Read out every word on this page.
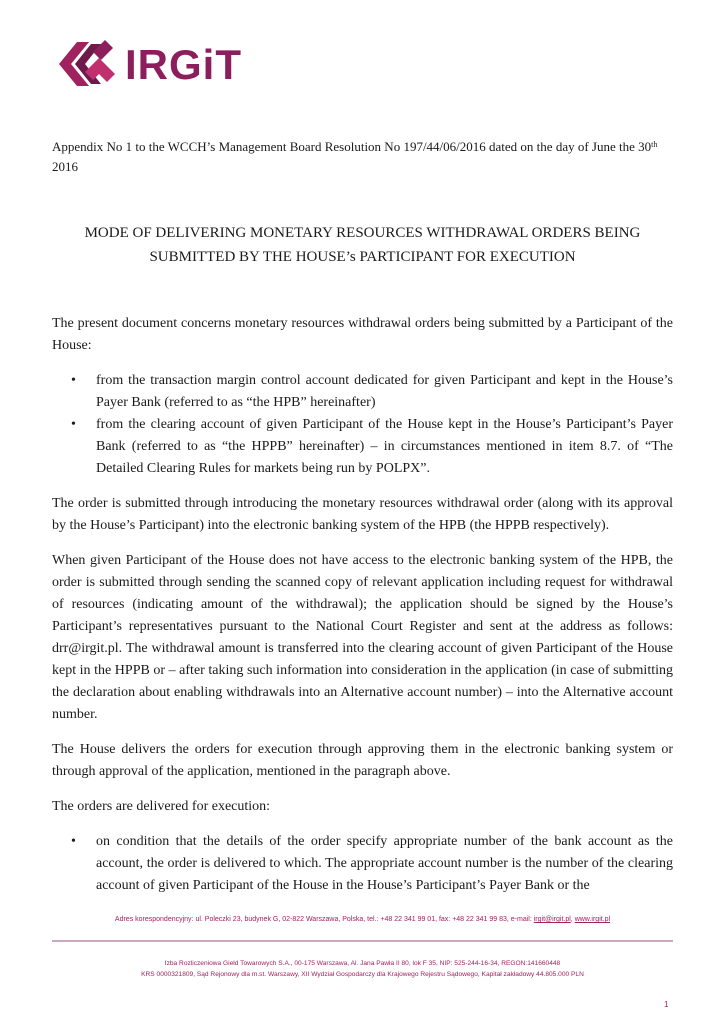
IRGiT
Appendix No 1 to the WCCH’s Management Board Resolution No 197/44/06/2016 dated on the day of June the 30th
2016
MODE OF DELIVERING MONETARY RESOURCES WITHDRAWAL ORDERS BEING
SUBMITTED BY THE HOUSE’s PARTICIPANT FOR EXECUTION

The present document concerns monetary resources withdrawal orders being submitted by a Participant of the House:

• from the transaction margin control account dedicated for given Participant and kept in the House’s Payer Bank (referred to as “the HPB” hereinafter)
• from the clearing account of given Participant of the House kept in the House’s Participant’s Payer Bank (referred to as “the HPPB” hereinafter) – in circumstances mentioned in item 8.7. of “The Detailed Clearing Rules for markets being run by POLPX”.

The order is submitted through introducing the monetary resources withdrawal order (along with its approval by the House’s Participant) into the electronic banking system of the HPB (the HPPB respectively).

When given Participant of the House does not have access to the electronic banking system of the HPB, the order is submitted through sending the scanned copy of relevant application including request for withdrawal of resources (indicating amount of the withdrawal); the application should be signed by the House’s Participant’s representatives pursuant to the National Court Register and sent at the address as follows: drr@irgit.pl. The withdrawal amount is transferred into the clearing account of given Participant of the House kept in the HPPB or – after taking such information into consideration in the application (in case of submitting the declaration about enabling withdrawals into an Alternative account number) – into the Alternative account number.

The House delivers the orders for execution through approving them in the electronic banking system or through approval of the application, mentioned in the paragraph above.

The orders are delivered for execution:

• on condition that the details of the order specify appropriate number of the bank account as the account, the order is delivered to which. The appropriate account number is the number of the clearing account of given Participant of the House in the House’s Participant’s Payer Bank or the
Adres korespondencyjny: ul. Poleczki 23, budynek G, 02-822 Warszawa, Polska, tel.: +48 22 341 99 01, fax: +48 22 341 99 83, e-mail: irgit@irgit.pl, www.irgit.pl
Izba Rozliczeniowa Giełd Towarowych S.A., 00-175 Warszawa, Al. Jana Pawła II 80, lok F 35, NIP: 525-244-16-34, REGON:141660448
KRS 0000321809, Sąd Rejonowy dla m.st. Warszawy, XII Wydział Gospodarczy dla Krajowego Rejestru Sądowego, Kapitał zakładowy 44.805.000 PLN
1
